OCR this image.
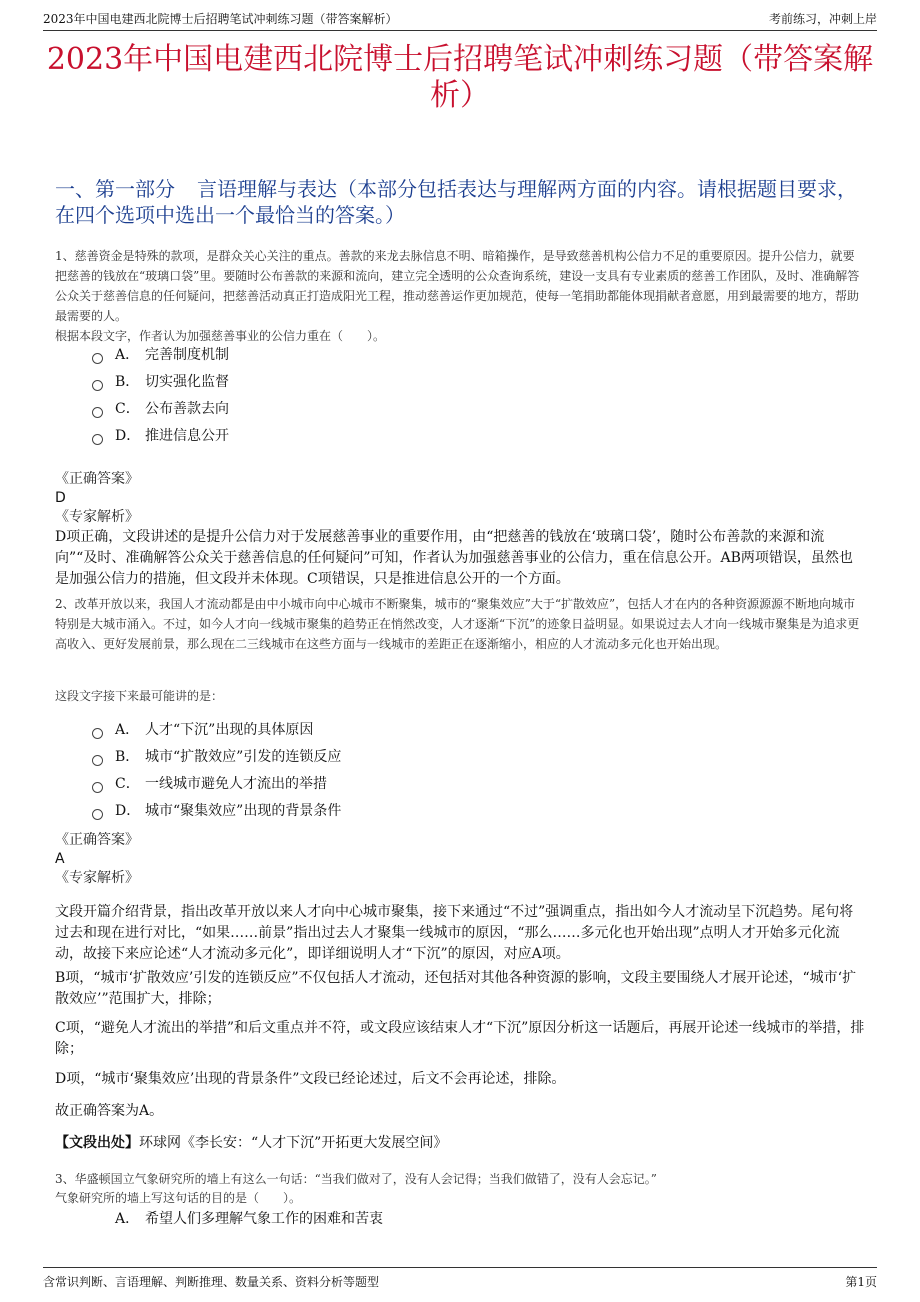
2023年中国电建西北院博士后招聘笔试冲刺练习题（带答案解析）	考前练习，冲刺上岸
2023年中国电建西北院博士后招聘笔试冲刺练习题（带答案解析）
一、第一部分 言语理解与表达（本部分包括表达与理解两方面的内容。请根据题目要求，在四个选项中选出一个最恰当的答案。）
1、慈善资金是特殊的款项，是群众关心关注的重点。善款的来龙去脉信息不明、暗箱操作，是导致慈善机构公信力不足的重要原因。提升公信力，就要把慈善的钱放在“玻璃口袋”里。要随时公布善款的来源和流向，建立完全透明的公众查询系统，建设一支具有专业素质的慈善工作团队，及时、准确解答公众关于慈善信息的任何疑问，把慈善活动真正打造成阳光工程，推动慈善运作更加规范，使每一笔捐助都能体现捐献者意愿，用到最需要的地方，帮助最需要的人。
根据本段文字，作者认为加强慈善事业的公信力重在（　　）。
A． 完善制度机制
B． 切实强化监督
C． 公布善款去向
D． 推进信息公开
《正确答案》
D
《专家解析》
D项正确，文段讲述的是提升公信力对于发展慈善事业的重要作用，由“把慈善的钱放在‘玻璃口袋’，随时公布善款的来源和流向”“及时、准确解答公众关于慈善信息的任何疑问”可知，作者认为加强慈善事业的公信力，重在信息公开。AB两项错误，虽然也是加强公信力的措施，但文段并未体现。C项错误，只是推进信息公开的一个方面。
2、改革开放以来，我国人才流动都是由中小城市向中心城市不断聚集，城市的“聚集效应”大于“扩散效应”，包括人才在内的各种资源源源不断地向城市特别是大城市涌入。不过，如今人才向一线城市聚集的趋势正在悄然改变，人才逐渐“下沉”的迹象日益明显。如果说过去人才向一线城市聚集是为追求更高收入、更好发展前景，那么现在二三线城市在这些方面与一线城市的差距正在逐渐缩小，相应的人才流动多元化也开始出现。
这段文字接下来最可能讲的是：
A． 人才“下沉”出现的具体原因
B． 城市“扩散效应”引发的连锁反应
C． 一线城市避免人才流出的举措
D． 城市“聚集效应”出现的背景条件
《正确答案》
A
《专家解析》
文段开篇介绍背景，指出改革开放以来人才向中心城市聚集，接下来通过“不过”强调重点，指出如今人才流动呈下沉趋势。尾句将过去和现在进行对比，“如果……前景”指出过去人才聚集一线城市的原因，“那么……多元化也开始出现”点明人才开始多元化流动，故接下来应论述“人才流动多元化”，即详细说明人才“下沉”的原因，对应A项。
B项，“城市‘扩散效应’引发的连锁反应”不仅包括人才流动，还包括对其他各种资源的影响，文段主要围绕人才展开论述，“城市‘扩散效应’”范围扩大，排除；
C项，“避免人才流出的举措”和后文重点并不符，或文段应该结束人才“下沉”原因分析这一话题后，再展开论述一线城市的举措，排除；
D项，“城市‘聚集效应’出现的背景条件”文段已经论述过，后文不会再论述，排除。
故正确答案为A。
【文段出处】环球网《李长安：“人才下沉”开拓更大发展空间》
3、华盛顿国立气象研究所的墙上有这么一句话：“当我们做对了，没有人会记得；当我们做错了，没有人会忘记。”
气象研究所的墙上写这句话的目的是（　　）。
A． 希望人们多理解气象工作的困难和苦衷
含常识判断、言语理解、判断推理、数量关系、资料分析等题型	第1页
